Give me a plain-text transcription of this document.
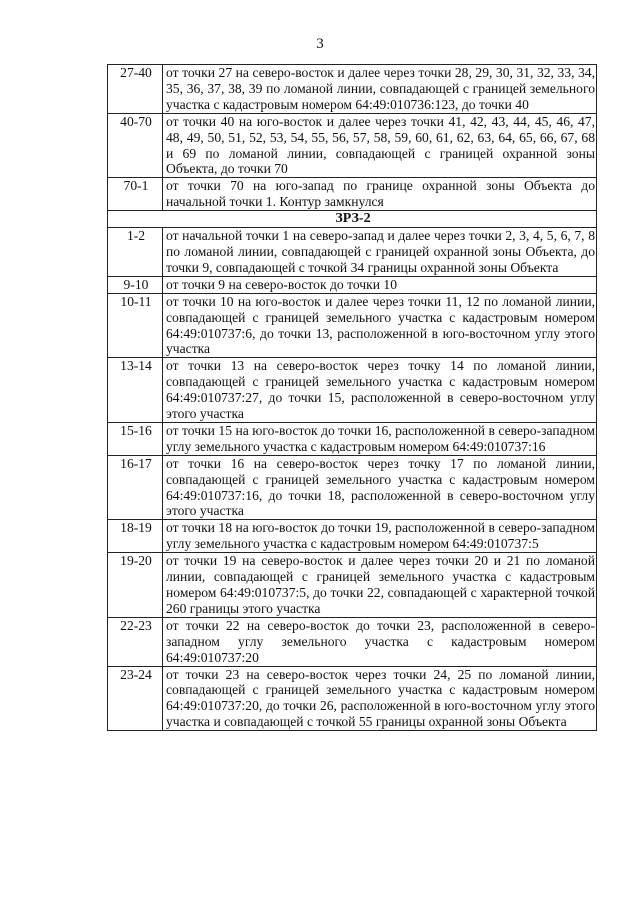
3
27-40	от точки 27 на северо-восток и далее через точки 28, 29, 30, 31, 32, 33, 34, 35, 36, 37, 38, 39 по ломаной линии, совпадающей с границей земельного участка с кадастровым номером 64:49:010736:123, до точки 40
40-70	от точки 40 на юго-восток и далее через точки 41, 42, 43, 44, 45, 46, 47, 48, 49, 50, 51, 52, 53, 54, 55, 56, 57, 58, 59, 60, 61, 62, 63, 64, 65, 66, 67, 68 и 69 по ломаной линии, совпадающей с границей охранной зоны Объекта, до точки 70
70-1	от точки 70 на юго-запад по границе охранной зоны Объекта до начальной точки 1. Контур замкнулся
ЗРЗ-2	
1-2	от начальной точки 1 на северо-запад и далее через точки 2, 3, 4, 5, 6, 7, 8 по ломаной линии, совпадающей с границей охранной зоны Объекта, до точки 9, совпадающей с точкой 34 границы охранной зоны Объекта
9-10	от точки 9 на северо-восток до точки 10
10-11	от точки 10 на юго-восток и далее через точки 11, 12 по ломаной линии, совпадающей с границей земельного участка с кадастровым номером 64:49:010737:6, до точки 13, расположенной в юго-восточном углу этого участка
13-14	от точки 13 на северо-восток через точку 14 по ломаной линии, совпадающей с границей земельного участка с кадастровым номером 64:49:010737:27, до точки 15, расположенной в северо-восточном углу этого участка
15-16	от точки 15 на юго-восток до точки 16, расположенной в северо-западном углу земельного участка с кадастровым номером 64:49:010737:16
16-17	от точки 16 на северо-восток через точку 17 по ломаной линии, совпадающей с границей земельного участка с кадастровым номером 64:49:010737:16, до точки 18, расположенной в северо-восточном углу этого участка
18-19	от точки 18 на юго-восток до точки 19, расположенной в северо-западном углу земельного участка с кадастровым номером 64:49:010737:5
19-20	от точки 19 на северо-восток и далее через точки 20 и 21 по ломаной линии, совпадающей с границей земельного участка с кадастровым номером 64:49:010737:5, до точки 22, совпадающей с характерной точкой 260 границы этого участка
22-23	от точки 22 на северо-восток до точки 23, расположенной в северо-западном углу земельного участка с кадастровым номером 64:49:010737:20
23-24	от точки 23 на северо-восток через точки 24, 25 по ломаной линии, совпадающей с границей земельного участка с кадастровым номером 64:49:010737:20, до точки 26, расположенной в юго-восточном углу этого участка и совпадающей с точкой 55 границы охранной зоны Объекта
